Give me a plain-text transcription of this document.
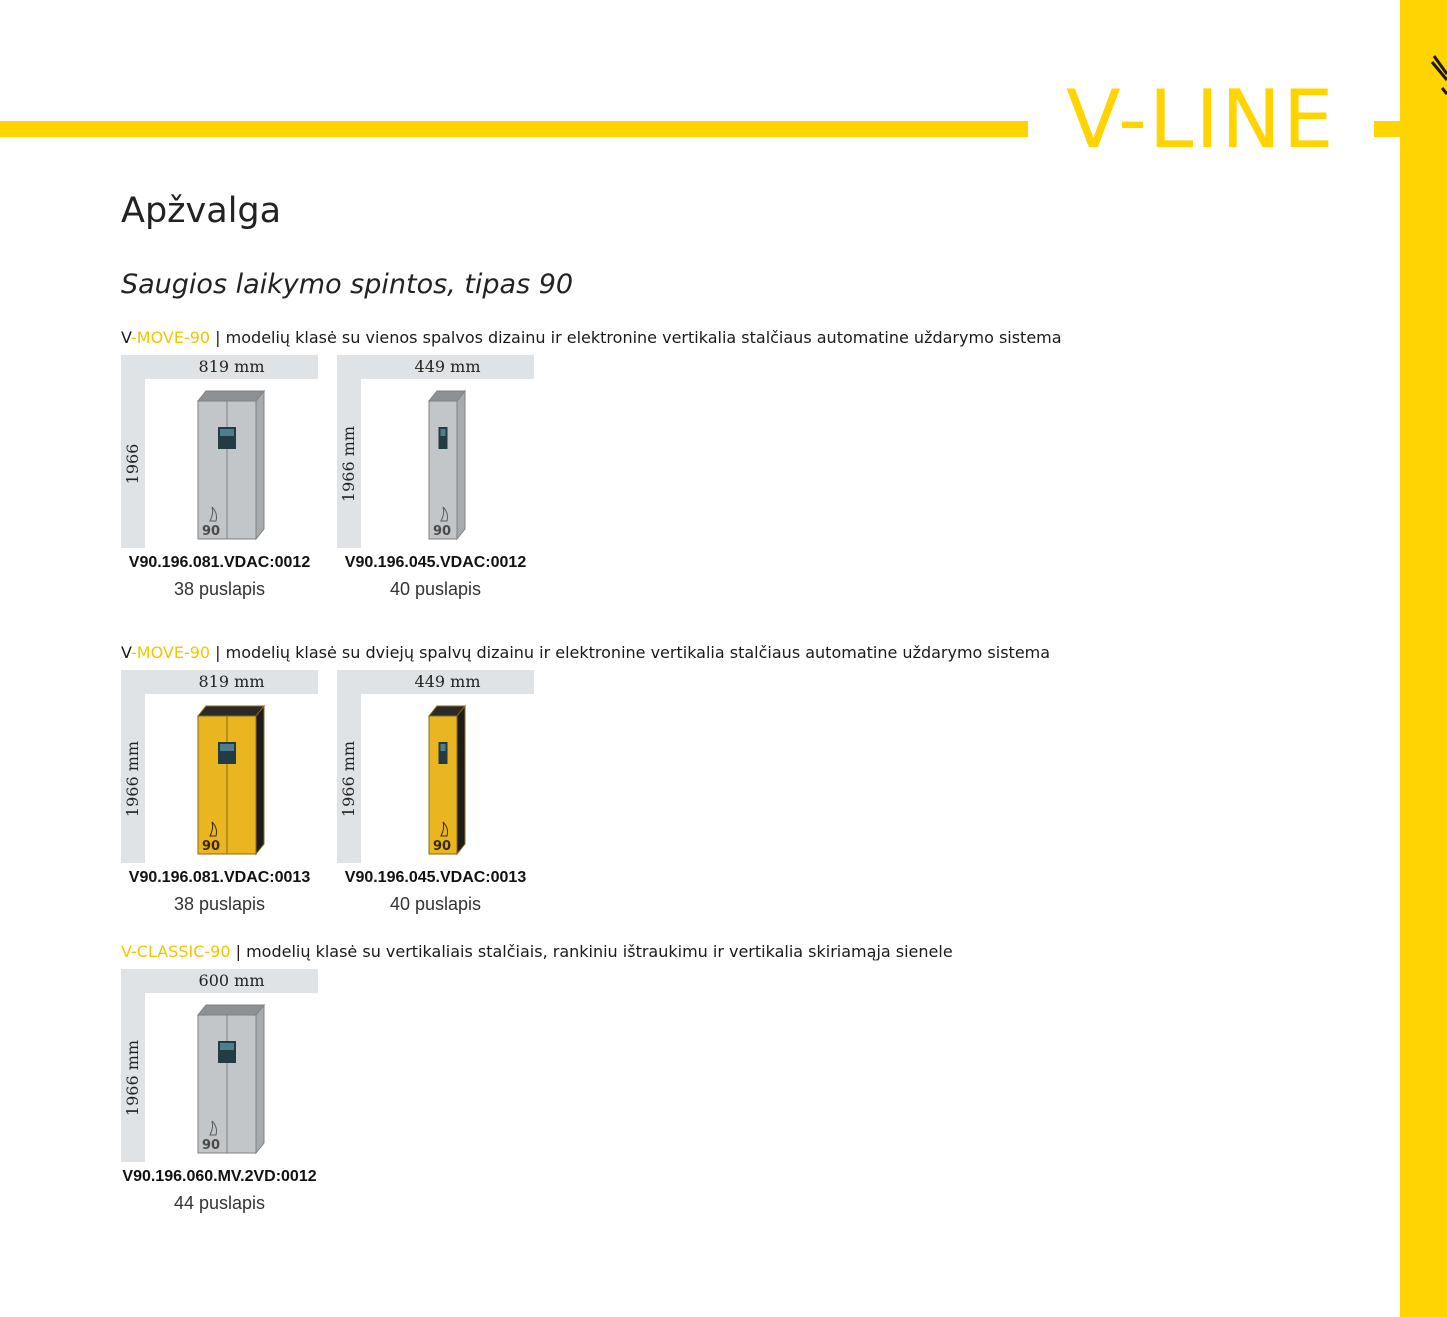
V-LINE
Apžvalga
Saugios laikymo spintos, tipas 90
V-MOVE-90 | modelių klasė su vienos spalvos dizainu ir elektronine vertikalia stalčiaus automatine uždarymo sistema
819 mm
1966
90
V90.196.081.VDAC:0012
38 puslapis
449 mm
1966 mm
90
V90.196.045.VDAC:0012
40 puslapis
V-MOVE-90 | modelių klasė su dviejų spalvų dizainu ir elektronine vertikalia stalčiaus automatine uždarymo sistema
819 mm
1966 mm
90
V90.196.081.VDAC:0013
38 puslapis
449 mm
1966 mm
90
V90.196.045.VDAC:0013
40 puslapis
V-CLASSIC-90 | modelių klasė su vertikaliais stalčiais, rankiniu ištraukimu ir vertikalia skiriamąja sienele
600 mm
1966 mm
90
V90.196.060.MV.2VD:0012
44 puslapis
